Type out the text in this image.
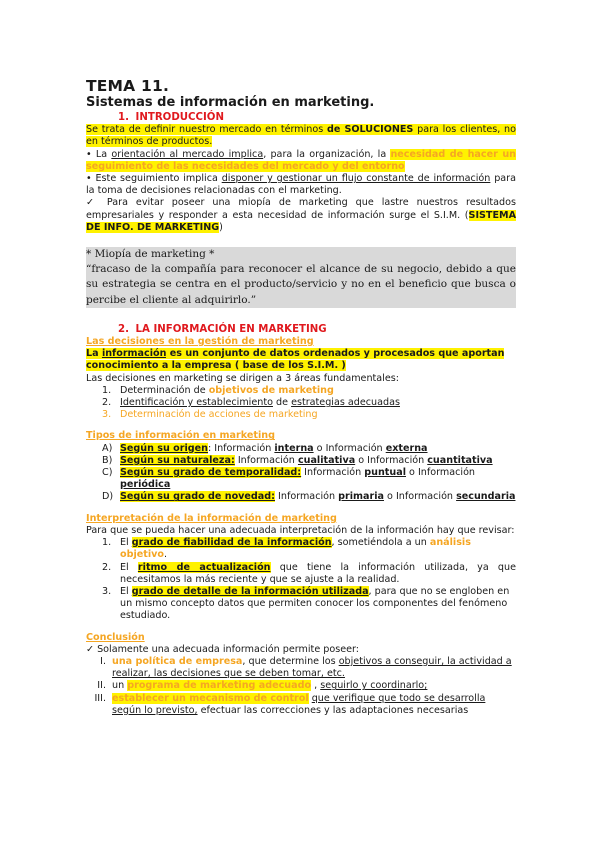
TEMA 11.
Sistemas de información en marketing.
1. INTRODUCCIÓN
Se trata de definir nuestro mercado en términos de SOLUCIONES para los clientes, no en términos de productos.
• La orientación al mercado implica, para la organización, la necesidad de hacer un seguimiento de las necesidades del mercado y del entorno
• Este seguimiento implica disponer y gestionar un flujo constante de información para la toma de decisiones relacionadas con el marketing.
✓ Para evitar poseer una miopía de marketing que lastre nuestros resultados empresariales y responder a esta necesidad de información surge el S.I.M. (SISTEMA DE INFO. DE MARKETING)
* Miopía de marketing *
“fracaso de la compañía para reconocer el alcance de su negocio, debido a que su estrategia se centra en el producto/servicio y no en el beneficio que busca o percibe el cliente al adquirirlo.”
2. LA INFORMACIÓN EN MARKETING
Las decisiones en la gestión de marketing
La información es un conjunto de datos ordenados y procesados que aportan conocimiento a la empresa ( base de los S.I.M. )
Las decisiones en marketing se dirigen a 3 áreas fundamentales:
1. Determinación de objetivos de marketing
2. Identificación y establecimiento de estrategias adecuadas
3. Determinación de acciones de marketing
Tipos de información en marketing
A) Según su origen: Información interna o Información externa
B) Según su naturaleza: Información cualitativa o Información cuantitativa
C) Según su grado de temporalidad: Información puntual o Información periódica
D) Según su grado de novedad: Información primaria o Información secundaria
Interpretación de la información de marketing
Para que se pueda hacer una adecuada interpretación de la información hay que revisar:
1. El grado de fiabilidad de la información, sometiéndola a un análisis objetivo.
2. El ritmo de actualización que tiene la información utilizada, ya que necesitamos la más reciente y que se ajuste a la realidad.
3. El grado de detalle de la información utilizada, para que no se engloben en un mismo concepto datos que permiten conocer los componentes del fenómeno estudiado.
Conclusión
✓ Solamente una adecuada información permite poseer:
I. una política de empresa, que determine los objetivos a conseguir, la actividad a realizar, las decisiones que se deben tomar, etc.
II. un programa de marketing adecuado , seguirlo y coordinarlo;
III. establecer un mecanismo de control que verifique que todo se desarrolla según lo previsto, efectuar las correcciones y las adaptaciones necesarias
